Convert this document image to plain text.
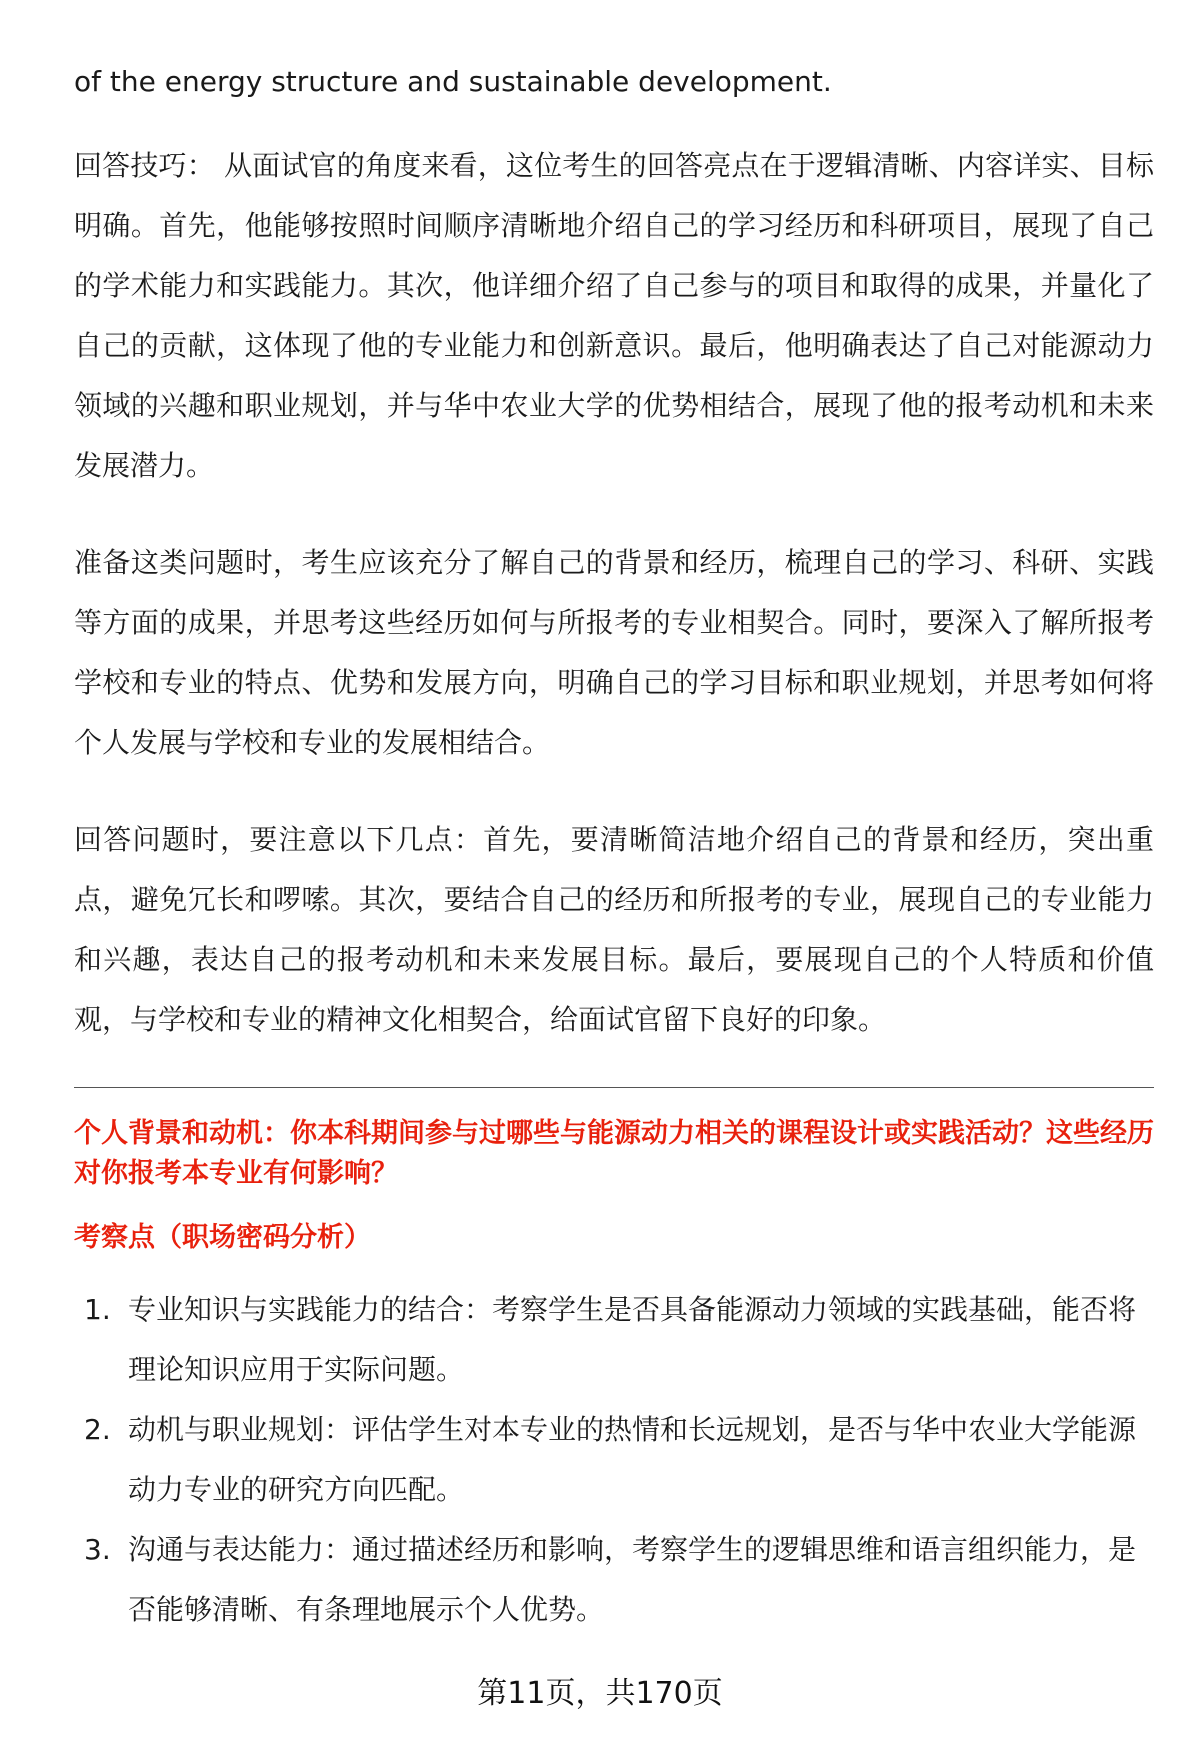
of the energy structure and sustainable development.

回答技巧： 从面试官的角度来看，这位考生的回答亮点在于逻辑清晰、内容详实、目标明确。首先，他能够按照时间顺序清晰地介绍自己的学习经历和科研项目，展现了自己的学术能力和实践能力。其次，他详细介绍了自己参与的项目和取得的成果，并量化了自己的贡献，这体现了他的专业能力和创新意识。最后，他明确表达了自己对能源动力领域的兴趣和职业规划，并与华中农业大学的优势相结合，展现了他的报考动机和未来发展潜力。

准备这类问题时，考生应该充分了解自己的背景和经历，梳理自己的学习、科研、实践等方面的成果，并思考这些经历如何与所报考的专业相契合。同时，要深入了解所报考学校和专业的特点、优势和发展方向，明确自己的学习目标和职业规划，并思考如何将个人发展与学校和专业的发展相结合。

回答问题时，要注意以下几点：首先，要清晰简洁地介绍自己的背景和经历，突出重点，避免冗长和啰嗦。其次，要结合自己的经历和所报考的专业，展现自己的专业能力和兴趣，表达自己的报考动机和未来发展目标。最后，要展现自己的个人特质和价值观，与学校和专业的精神文化相契合，给面试官留下良好的印象。

个人背景和动机：你本科期间参与过哪些与能源动力相关的课程设计或实践活动？这些经历对你报考本专业有何影响？
考察点（职场密码分析）
1. 专业知识与实践能力的结合：考察学生是否具备能源动力领域的实践基础，能否将理论知识应用于实际问题。
2. 动机与职业规划：评估学生对本专业的热情和长远规划，是否与华中农业大学能源动力专业的研究方向匹配。
3. 沟通与表达能力：通过描述经历和影响，考察学生的逻辑思维和语言组织能力，是否能够清晰、有条理地展示个人优势。
第11页，共170页
